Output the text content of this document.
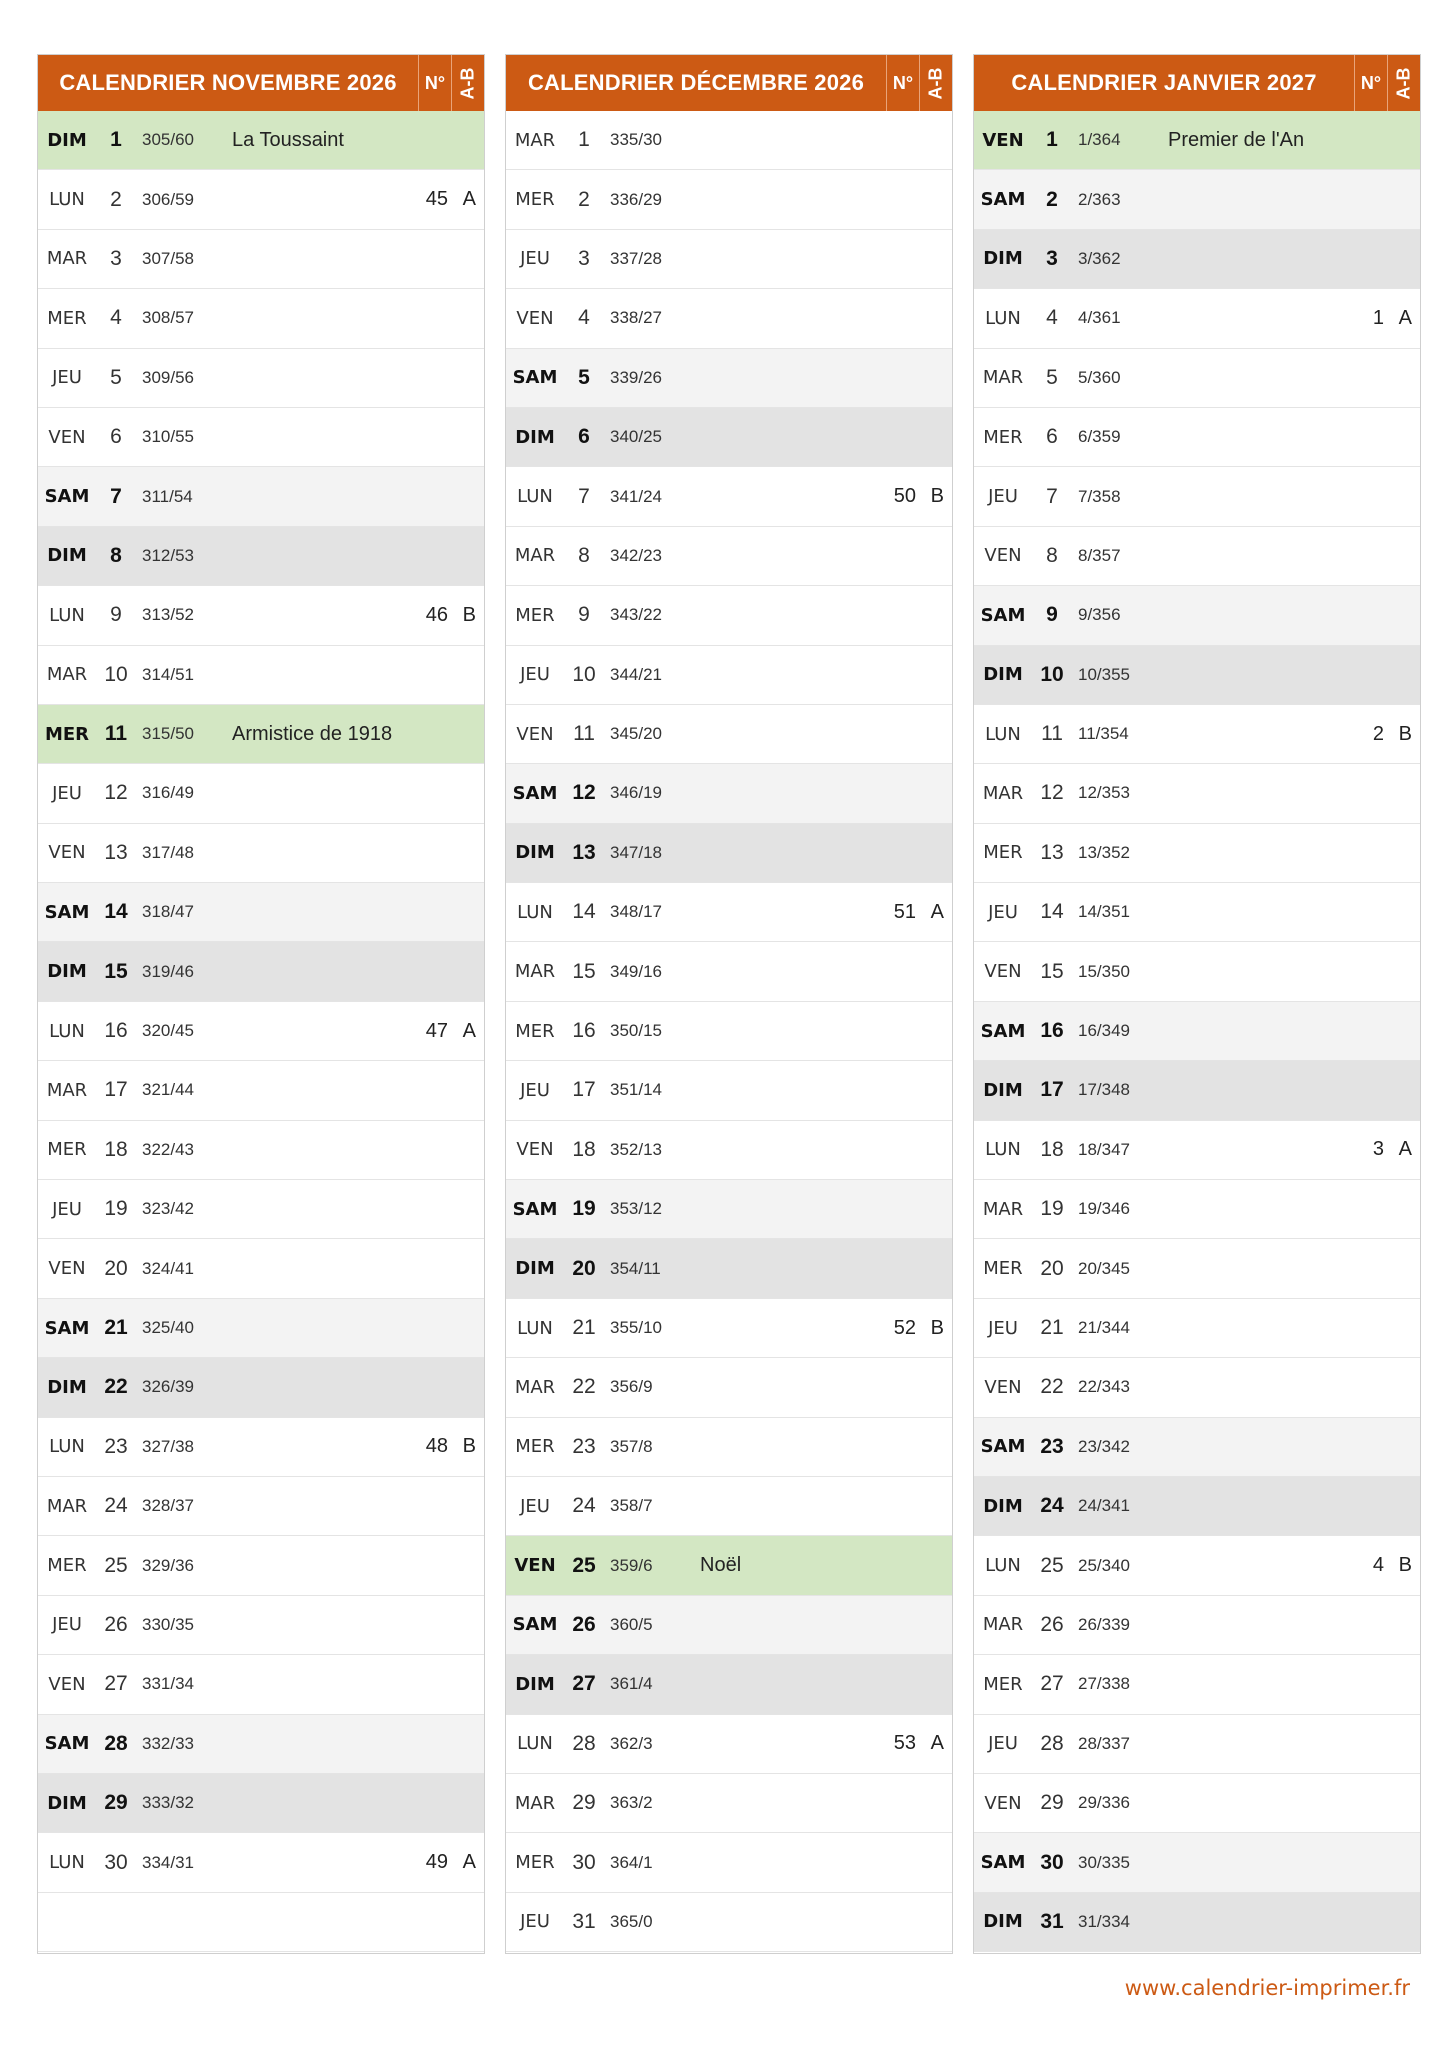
CALENDRIER NOVEMBRE 2026	N° A-B
DIM	1	305/60	La Toussaint
LUN	2	306/59	45 A
MAR	3	307/58
MER	4	308/57
JEU	5	309/56
VEN	6	310/55
SAM 7	311/54
DIM	8	312/53
LUN	9	313/52	46 B
MAR 10 314/51
MER 11 315/50	Armistice de 1918
JEU	12 316/49
VEN 13 317/48
SAM 14 318/47
DIM 15 319/46
LUN 16 320/45	47 A
MAR 17 321/44
MER 18 322/43
JEU	19 323/42
VEN 20 324/41
SAM 21 325/40
DIM 22 326/39
LUN 23 327/38	48 B
MAR 24 328/37
MER 25 329/36
JEU	26 330/35
VEN 27 331/34
SAM 28 332/33
DIM 29 333/32
LUN 30 334/31	49 A
CALENDRIER DÉCEMBRE 2026	N° A-B
MAR	1	335/30
MER	2	336/29
JEU	3	337/28
VEN	4	338/27
SAM 5	339/26
DIM	6	340/25
LUN	7	341/24	50 B
MAR	8	342/23
MER	9	343/22
JEU	10 344/21
VEN 11 345/20
SAM 12 346/19
DIM 13 347/18
LUN 14 348/17	51 A
MAR 15 349/16
MER 16 350/15
JEU	17 351/14
VEN 18 352/13
SAM 19 353/12
DIM 20 354/11
LUN 21 355/10	52 B
MAR 22 356/9
MER 23 357/8
JEU	24 358/7
VEN 25 359/6	Noël
SAM 26 360/5
DIM 27 361/4
LUN 28 362/3	53 A
MAR 29 363/2
MER 30 364/1
JEU	31 365/0
CALENDRIER JANVIER 2027	N° A-B
VEN	1	1/364	Premier de l'An
SAM 2	2/363
DIM	3	3/362
LUN	4	4/361	1 A
MAR	5	5/360
MER	6	6/359
JEU	7	7/358
VEN	8	8/357
SAM 9	9/356
DIM 10 10/355
LUN 11 11/354	2 B
MAR 12 12/353
MER 13 13/352
JEU	14 14/351
VEN 15 15/350
SAM 16 16/349
DIM 17 17/348
LUN 18 18/347	3 A
MAR 19 19/346
MER 20 20/345
JEU	21 21/344
VEN 22 22/343
SAM 23 23/342
DIM 24 24/341
LUN 25 25/340	4 B
MAR 26 26/339
MER 27 27/338
JEU	28 28/337
VEN 29 29/336
SAM 30 30/335
DIM 31 31/334
www.calendrier-imprimer.fr
